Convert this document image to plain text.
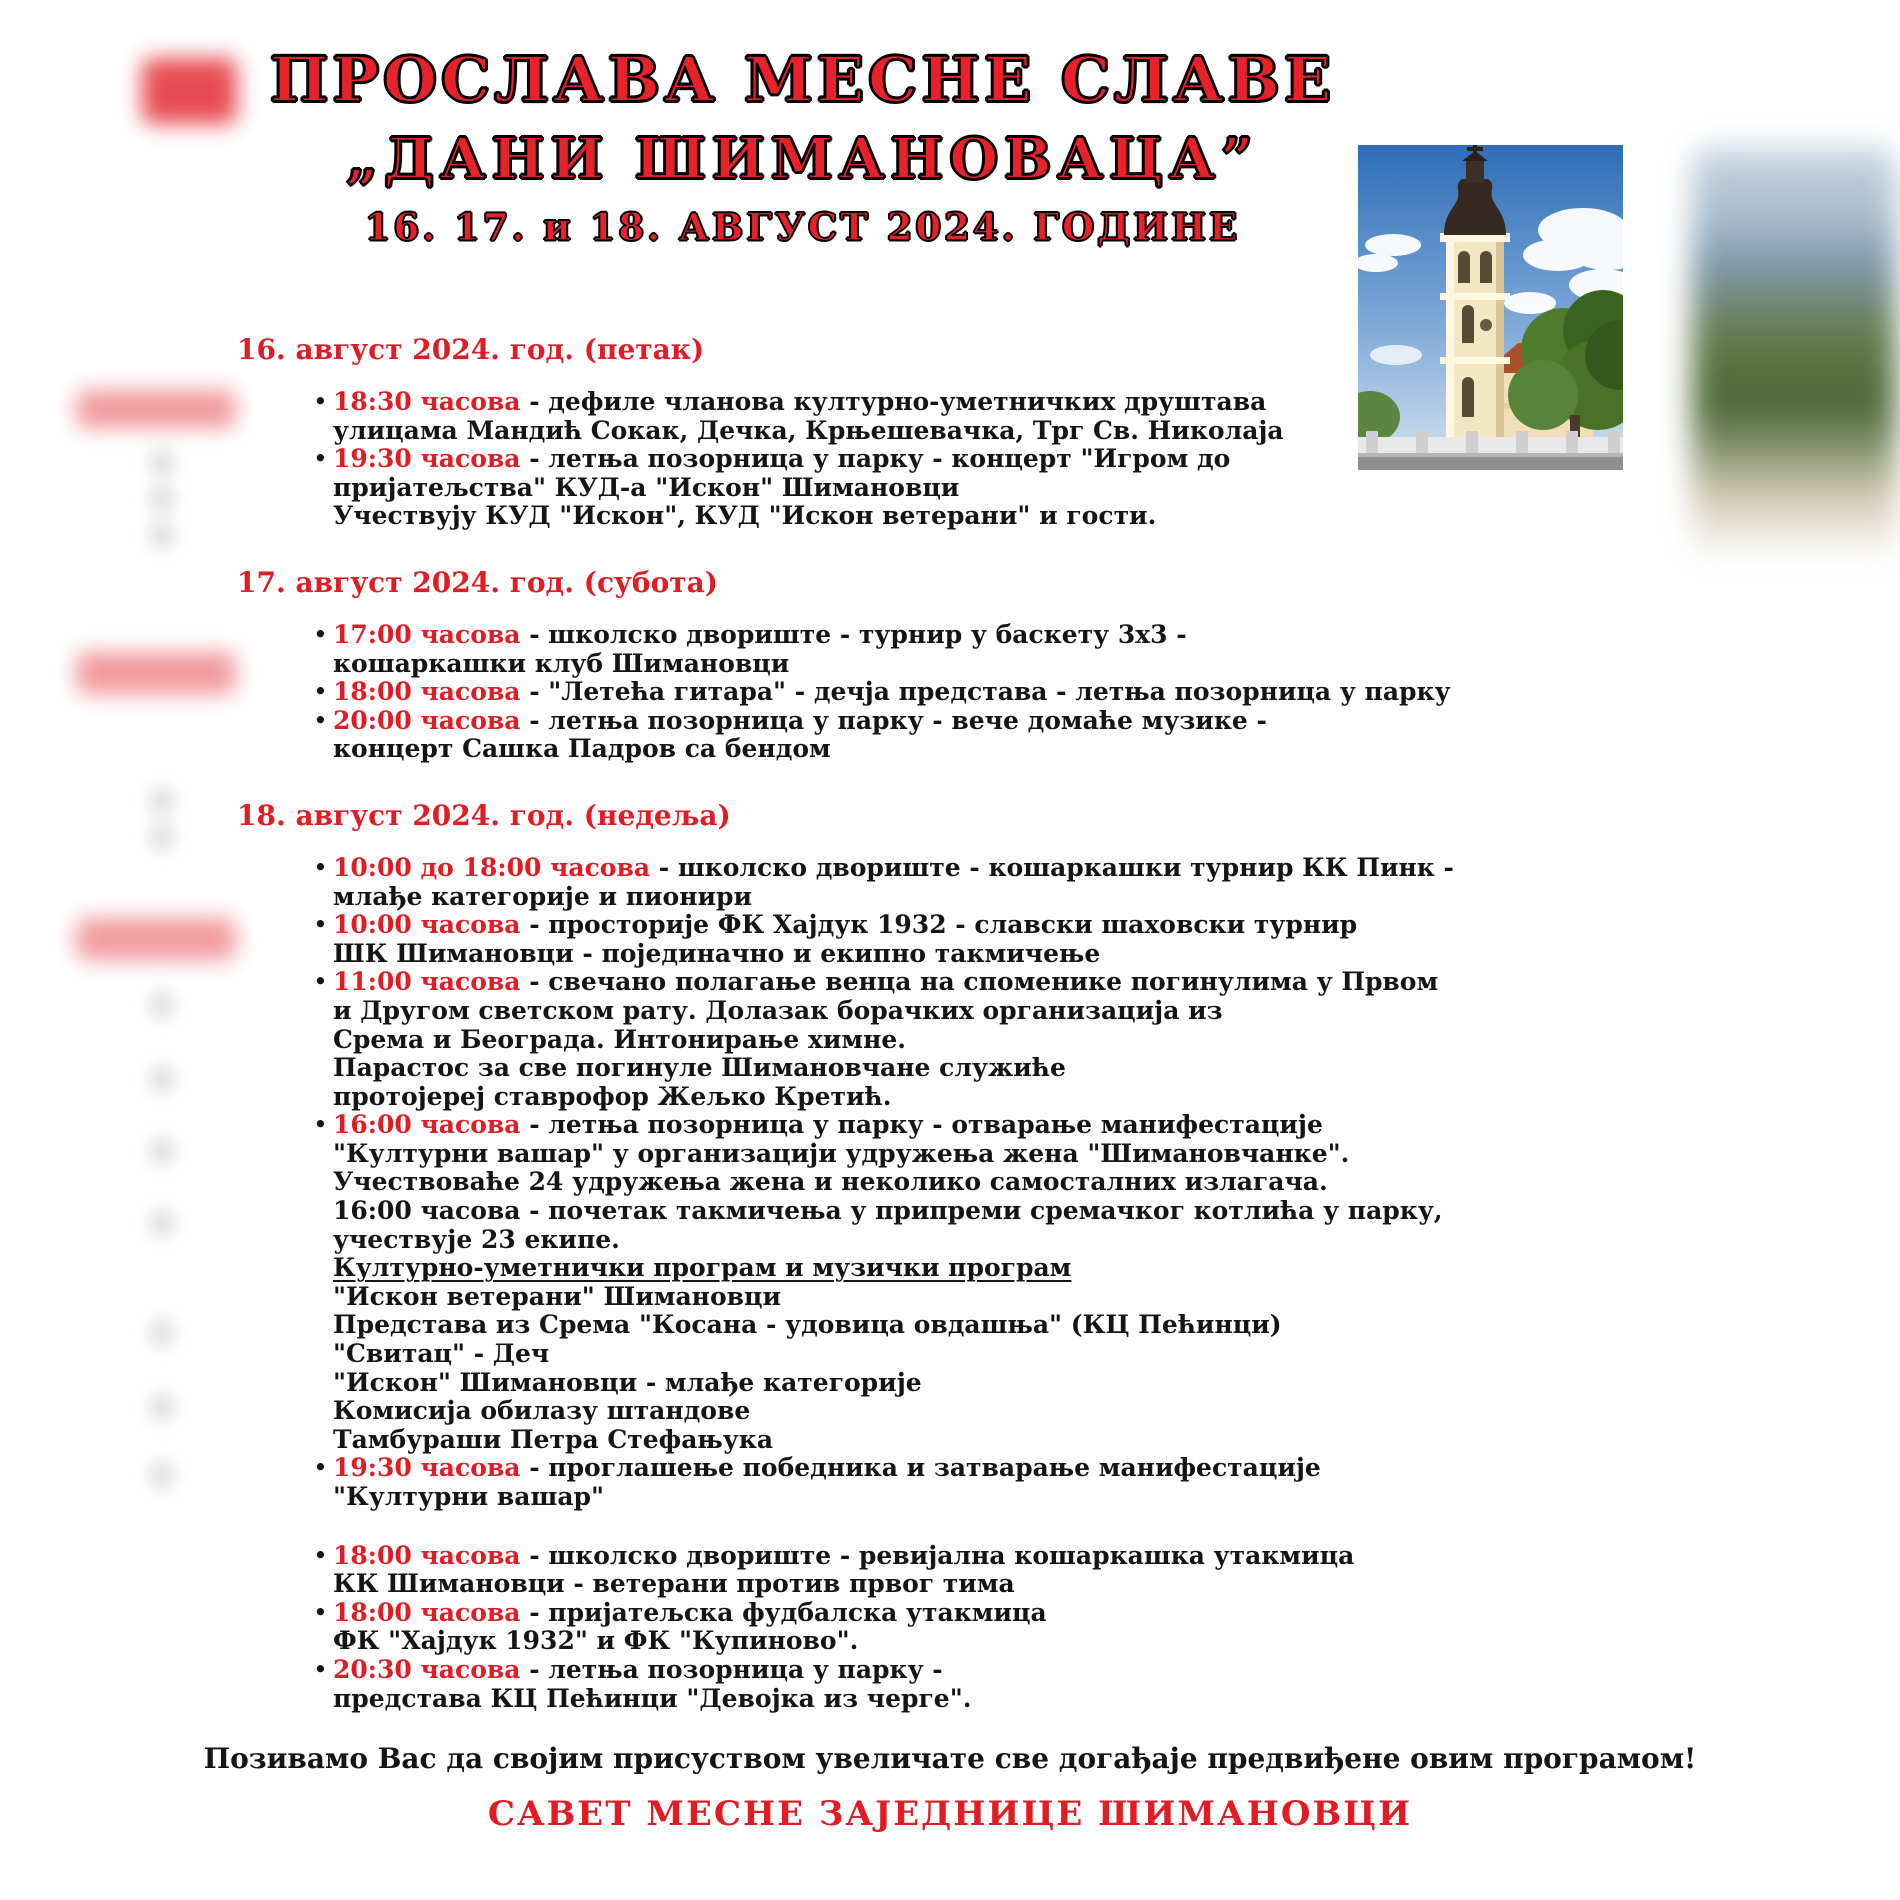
ПРОСЛАВА МЕСНЕ СЛАВЕ
„ДАНИ ШИМАНОВАЦА”
16. 17. и 18. АВГУСТ 2024. ГОДИНЕ
16. август 2024. год. (петак)
• 18:30 часова - дефиле чланова културно-уметничких друштава
улицама Мандић Сокак, Дечка, Крњешевачка, Трг Св. Николаја
• 19:30 часова - летња позорница у парку - концерт "Игром до
пријатељства" КУД-а "Искон" Шимановци
Учествују КУД "Искон", КУД "Искон ветерани" и гости.
17. август 2024. год. (субота)
• 17:00 часова - школско двориште - турнир у баскету 3х3 -
кошаркашки клуб Шимановци
• 18:00 часова - "Летећа гитара" - дечја представа - летња позорница у парку
• 20:00 часова - летња позорница у парку - вече домаће музике -
концерт Сашка Падров са бендом
18. август 2024. год. (недеља)
• 10:00 до 18:00 часова - школско двориште - кошаркашки турнир КК Пинк -
млађе категорије и пионири
• 10:00 часова - просторије ФК Хајдук 1932 - славски шаховски турнир
ШК Шимановци - појединачно и екипно такмичење
• 11:00 часова - свечано полагање венца на споменике погинулима у Првом
и Другом светском рату. Долазак борачких организација из
Срема и Београда. Интонирање химне.
Парастос за све погинуле Шимановчане служиће
протојереј ставрофор Жељко Кретић.
• 16:00 часова - летња позорница у парку - отварање манифестације
"Културни вашар" у организацији удружења жена "Шимановчанке".
Учествоваће 24 удружења жена и неколико самосталних излагача.
16:00 часова - почетак такмичења у припреми сремачког котлића у парку,
учествује 23 екипе.
Културно-уметнички програм и музички програм
"Искон ветерани" Шимановци
Представа из Срема "Косана - удовица овдашња" (КЦ Пећинци)
"Свитац" - Деч
"Искон" Шимановци - млађе категорије
Комисија обилазу штандове
Тамбураши Петра Стефањука
• 19:30 часова - проглашење победника и затварање манифестације
"Културни вашар"
• 18:00 часова - школско двориште - ревијална кошаркашка утакмица
КК Шимановци - ветерани против првог тима
• 18:00 часова - пријатељска фудбалска утакмица
ФК "Хајдук 1932" и ФК "Купиново".
• 20:30 часова - летња позорница у парку -
представа КЦ Пећинци "Девојка из черге".
Позивамо Вас да својим присуством увеличате све догађаје предвиђене овим програмом!
САВЕТ МЕСНЕ ЗАЈЕДНИЦЕ ШИМАНОВЦИ
